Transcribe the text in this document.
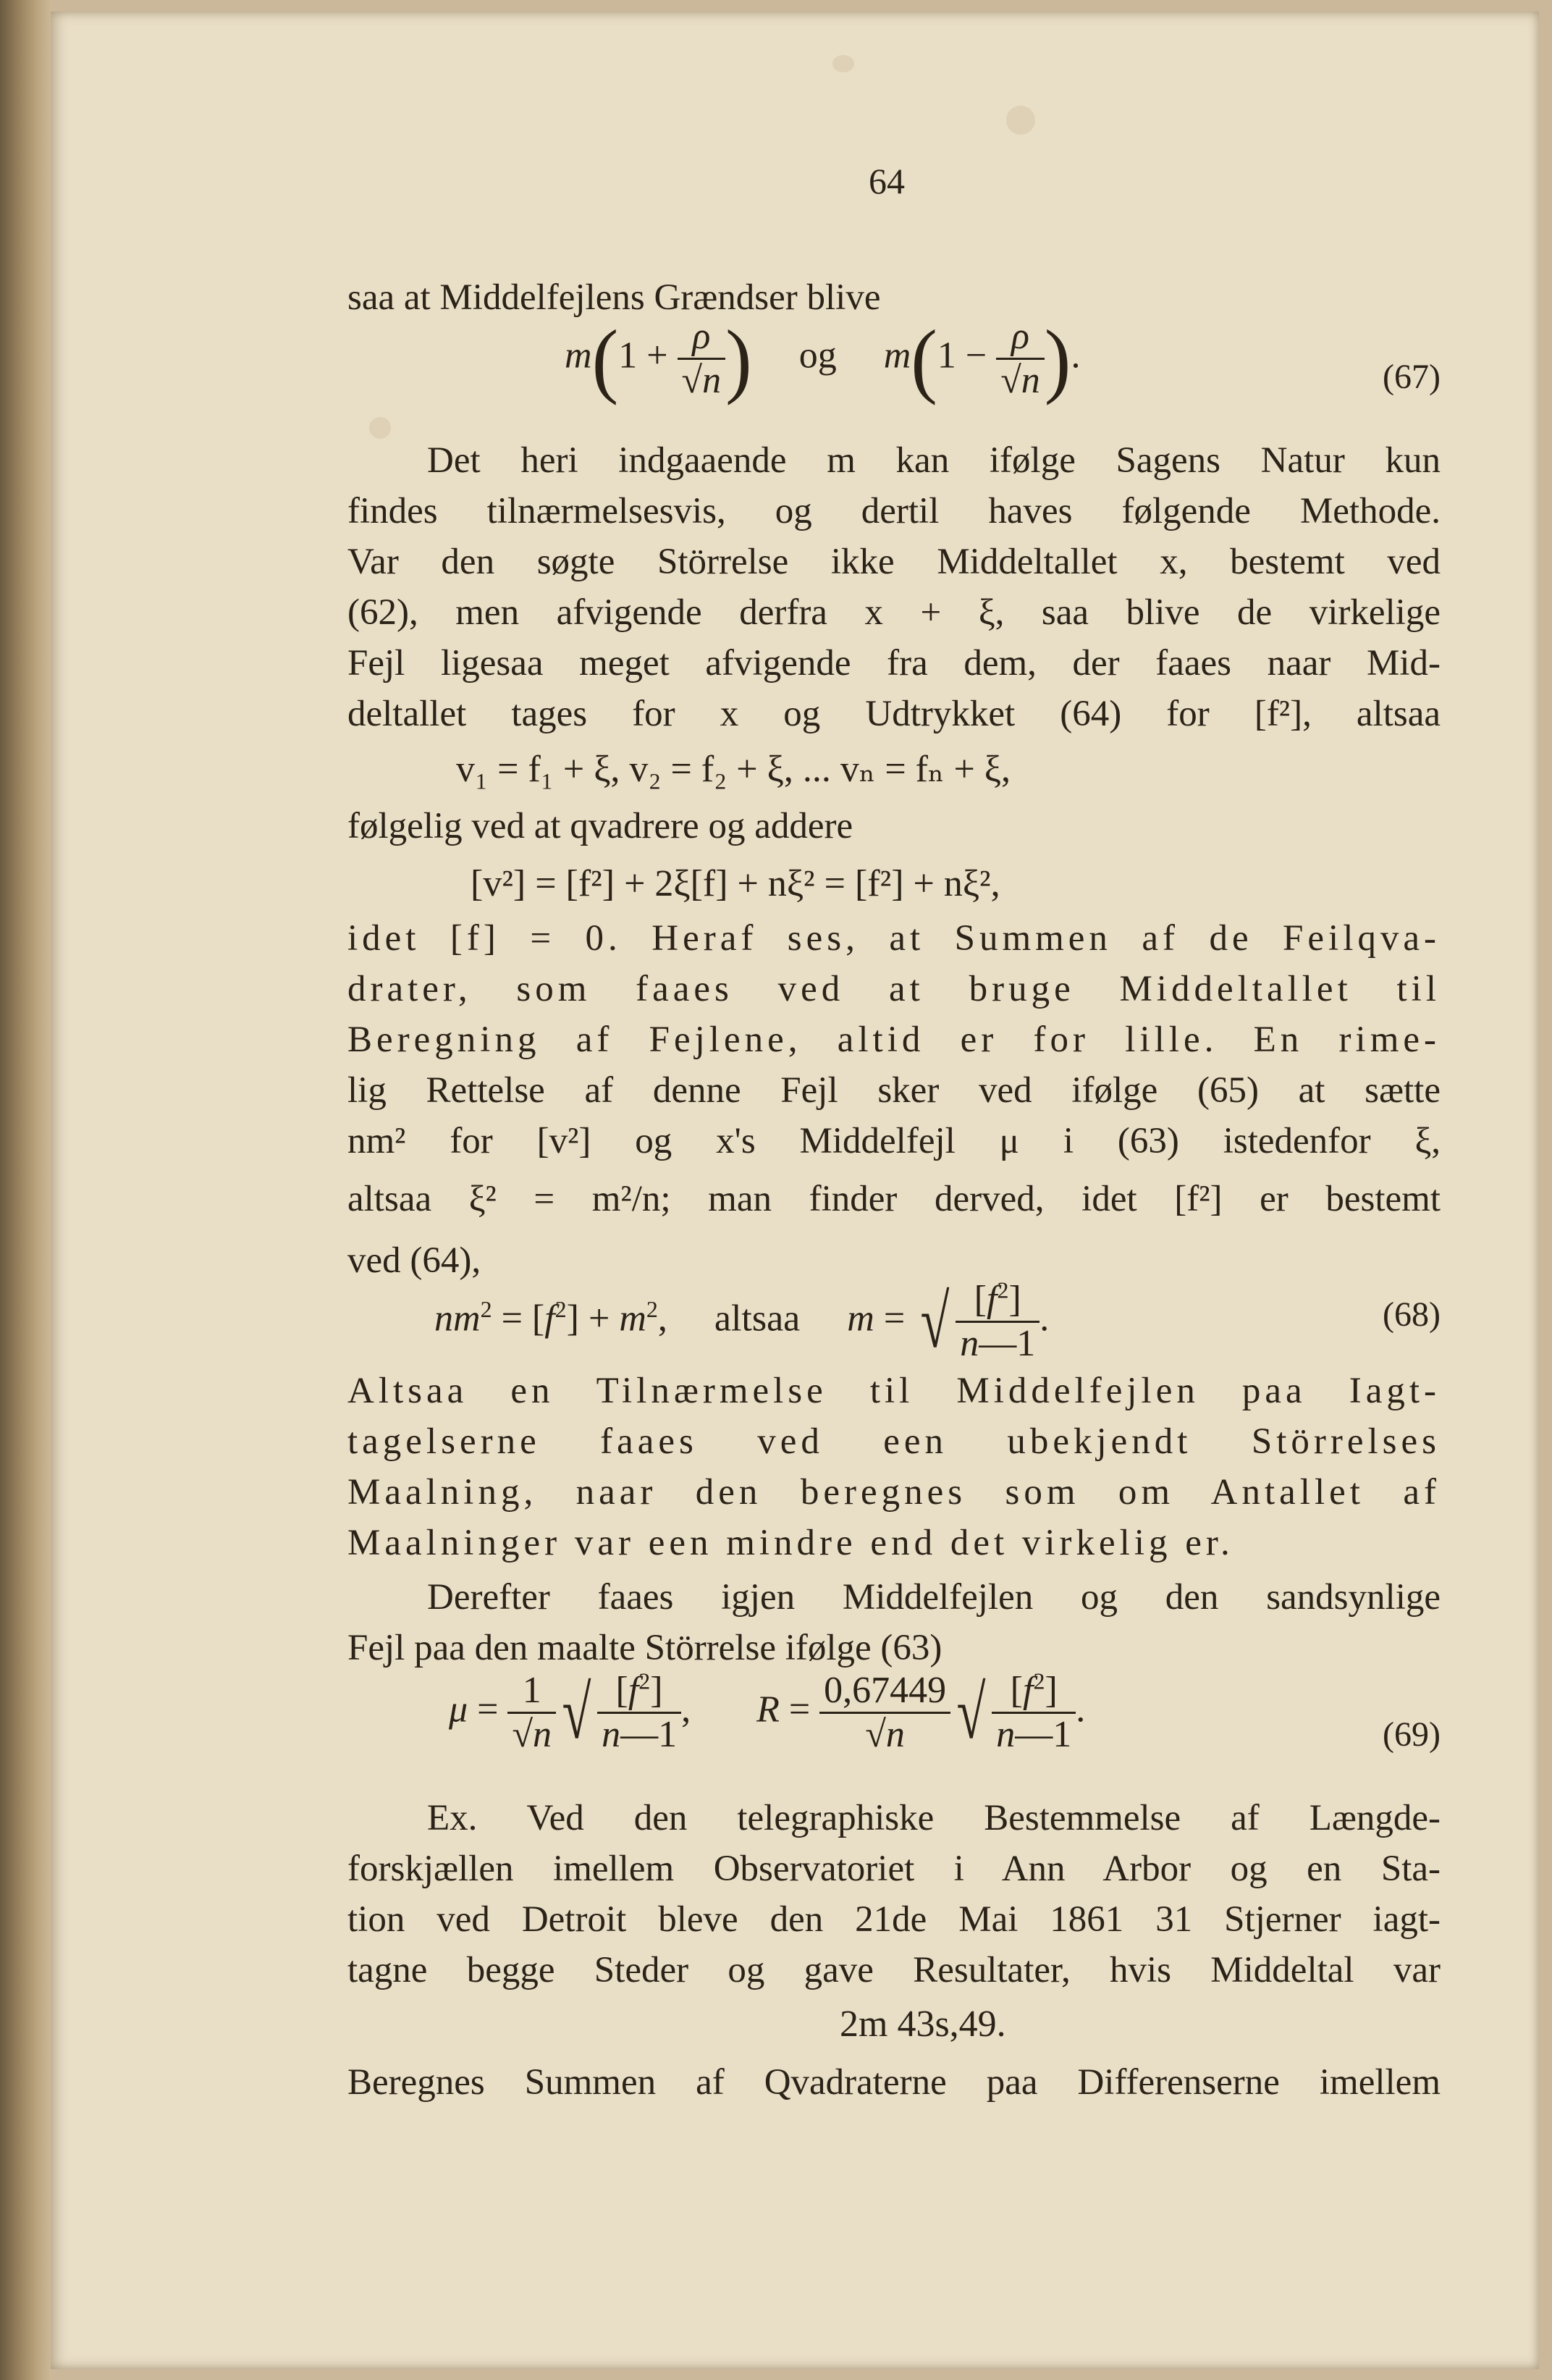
64
saa at Middelfejlens Grændser blive
$m(1 + \frac{\rho}{√n}$ )     og     $m(1 - \frac{\rho}{√n}$ ).
(67)
Det heri indgaaende m kan ifølge Sagens Natur kun
findes tilnærmelsesvis, og dertil haves følgende Methode.
Var den søgte Störrelse ikke Middeltallet x, bestemt ved
(62), men afvigende derfra x + ξ, saa blive de virkelige
Fejl ligesaa meget afvigende fra dem, der faaes naar Mid-
deltallet tages for x og Udtrykket (64) for [f²], altsaa
v₁ = f₁ + ξ, v₂ = f₂ + ξ, ... vₙ = fₙ + ξ,
følgelig ved at qvadrere og addere
[v²] = [f²] + 2ξ[f] + nξ² = [f²] + nξ²,
idet [f] = 0. Heraf ses, at Summen af de Feilqva-
drater, som faaes ved at bruge Middeltallet til
Beregning af Fejlene, altid er for lille. En rime-
lig Rettelse af denne Fejl sker ved ifølge (65) at sætte
nm² for [v²] og x's Middelfejl μ i (63) istedenfor ξ,
altsaa ξ² = m²/n; man finder derved, idet [f²] er bestemt
ved (64),
$nm^2 = [f^2] + m^2$,     altsaa     m = √ $\frac{[f^2]}{n—1}$ .	(68)
Altsaa en Tilnærmelse til Middelfejlen paa Iagt-
tagelserne faaes ved een ubekjendt Störrelses
Maalning, naar den beregnes som om Antallet af
Maalninger var een mindre end det virkelig er.
Derefter faaes igjen Middelfejlen og den sandsynlige
Fejl paa den maalte Störrelse ifølge (63)
$\mu = \frac{1}{√n}$ √ $\frac{[f^2]}{n—1}$ ,       $R = \frac{0,67449}{√n}$ √ $\frac{[f^2]}{n—1}$ .
(69)
Ex. Ved den telegraphiske Bestemmelse af Længde-
forskjællen imellem Observatoriet i Ann Arbor og en Sta-
tion ved Detroit bleve den 21de Mai 1861 31 Stjerner iagt-
tagne begge Steder og gave Resultater, hvis Middeltal var
2m 43s,49.
Beregnes Summen af Qvadraterne paa Differenserne imellem
